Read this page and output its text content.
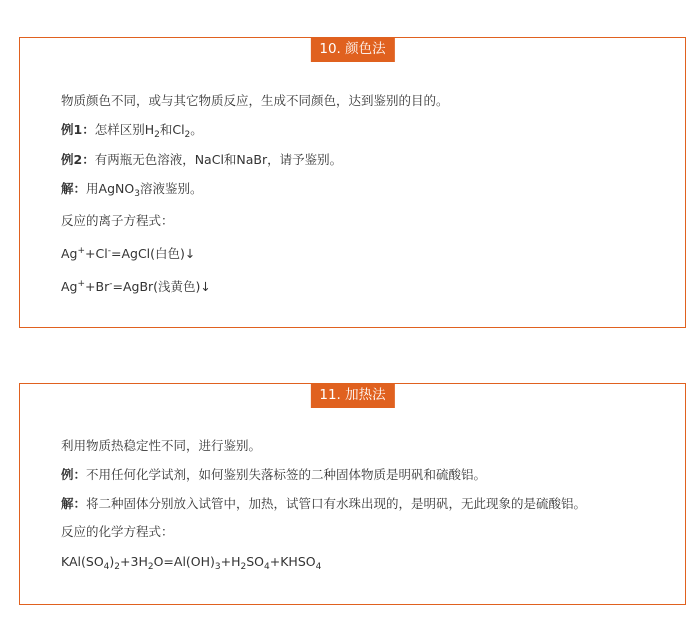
10. 颜色法
物质颜色不同，或与其它物质反应，生成不同颜色，达到鉴别的目的。
例1：怎样区别$H_2$和$Cl_2$。
例2：有两瓶无色溶液，NaCl和NaBr，请予鉴别。
解：用AgNO$_3$溶液鉴别。
反应的离子方程式：
Ag++Cl-=AgCl(白色)↓
Ag++Br-=AgBr(浅黄色)↓
11. 加热法
利用物质热稳定性不同，进行鉴别。
例：不用任何化学试剂，如何鉴别失落标签的二种固体物质是明矾和硫酸铝。
解：将二种固体分别放入试管中，加热，试管口有水珠出现的，是明矾，无此现象的是硫酸铝。
反应的化学方程式：
$KAl(SO_4)_2+3H_2O=Al(OH)_3+H_2SO_4+KHSO_4$
